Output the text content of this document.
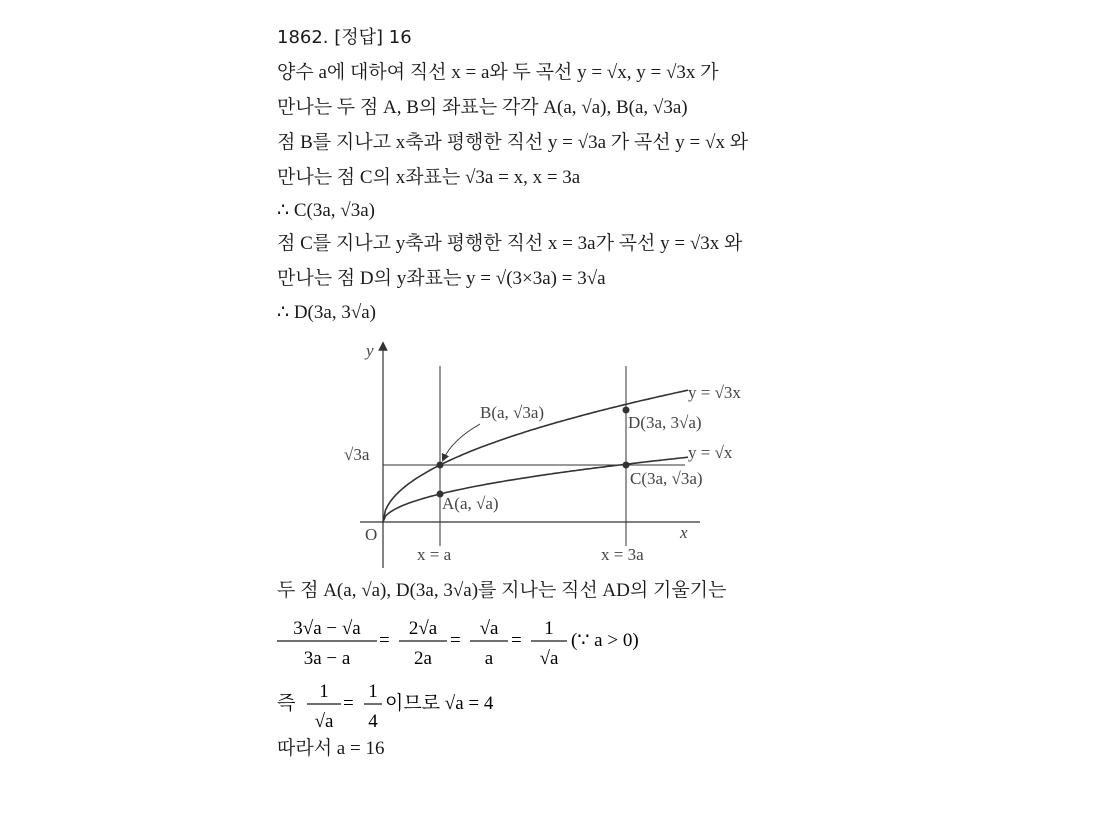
1862. [정답] 16
양수 a에 대하여 직선 x = a와 두 곡선 y = √x, y = √3x 가
만나는 두 점 A, B의 좌표는 각각 A(a, √a), B(a, √3a)
점 B를 지나고 x축과 평행한 직선 y = √3a 가 곡선 y = √x 와
만나는 점 C의 x좌표는 √3a = x, x = 3a
∴ C(3a, √3a)
점 C를 지나고 y축과 평행한 직선 x = 3a가 곡선 y = √3x 와
만나는 점 D의 y좌표는 y = √(3×3a) = 3√a
∴ D(3a, 3√a)
두 점 A(a, √a), D(3a, 3√a)를 지나는 직선 AD의 기울기는
3√a − √a
3a − a
=
2√a
2a
=
√a
a
=
1
√a
(∵ a > 0)
즉
1
√a
=
1
4
이므로 √a = 4
따라서 a = 16
y
x
O
√3a
x = a	x = 3a
y = √3x
y = √x
B(a, √3a)
A(a, √a)
C(3a, √3a)
D(3a, 3√a)
